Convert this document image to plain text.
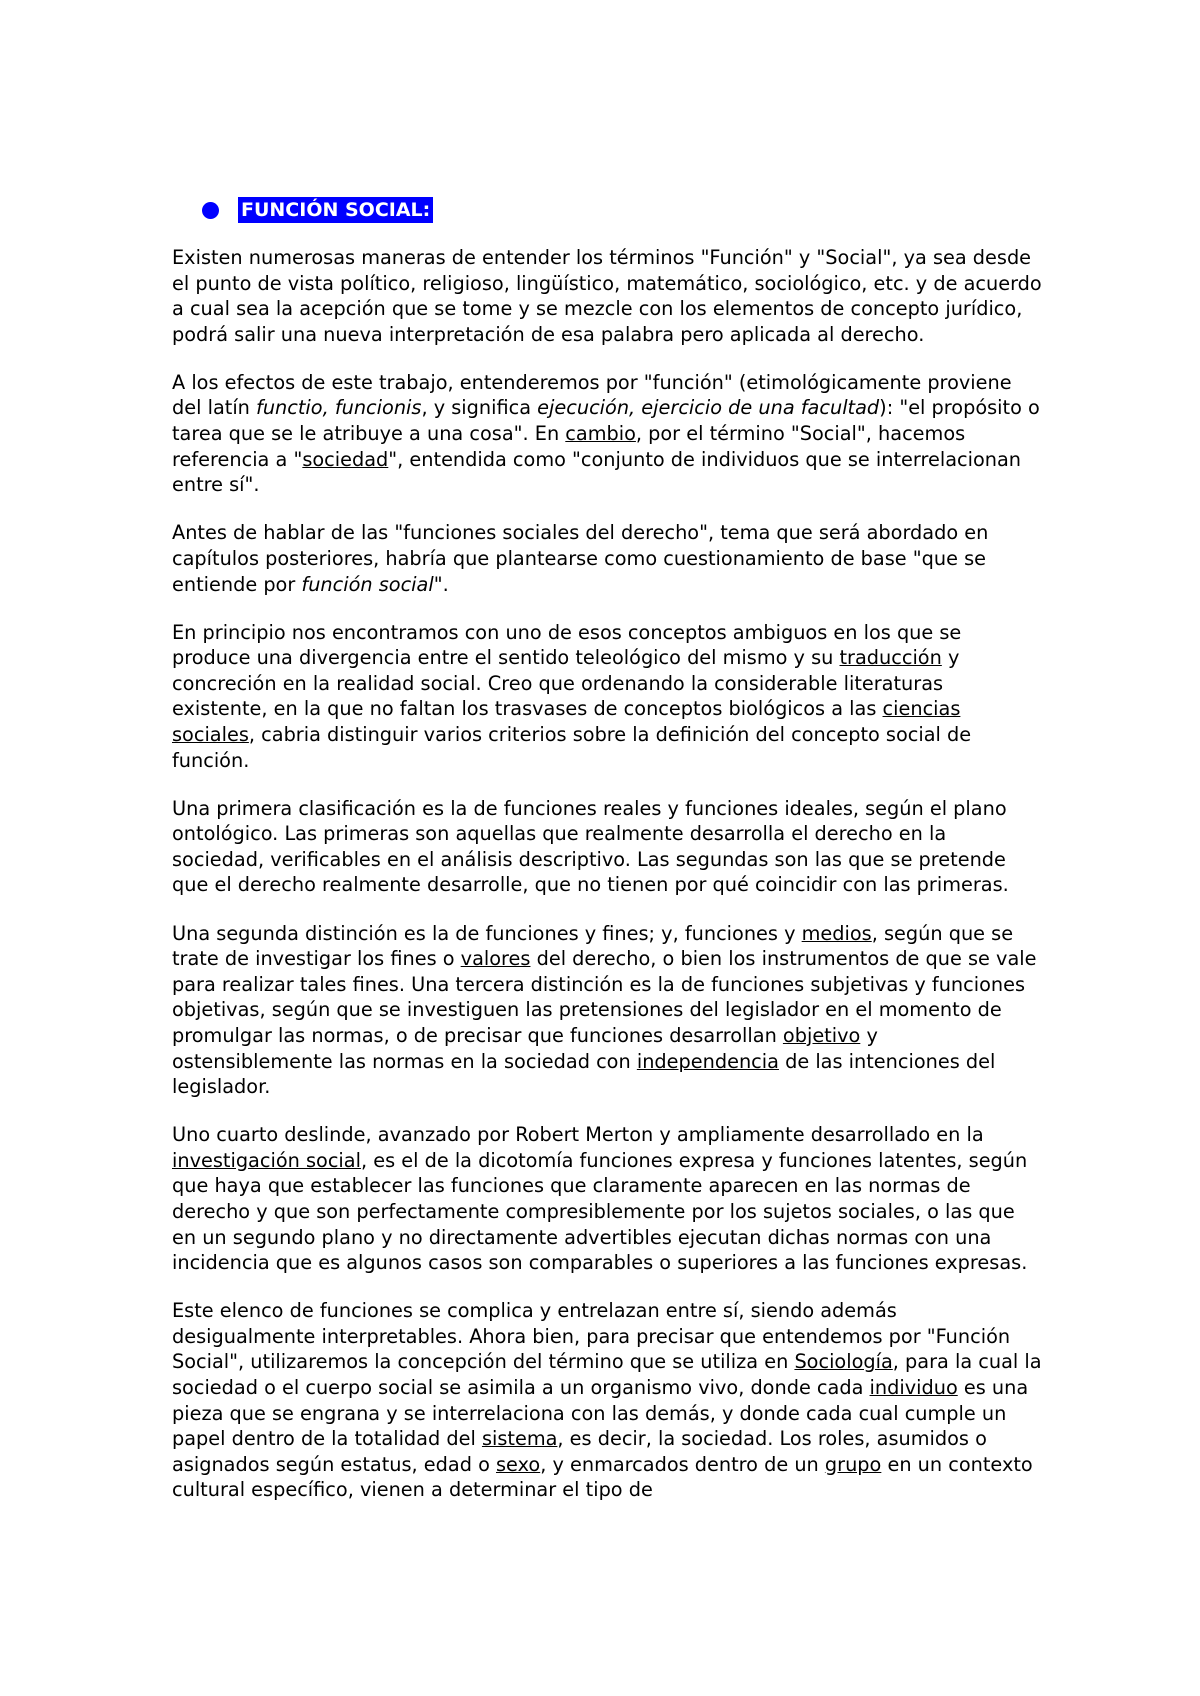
FUNCIÓN SOCIAL:

Existen numerosas maneras de entender los términos "Función" y "Social", ya sea desde el punto de vista político, religioso, lingüístico, matemático, sociológico, etc. y de acuerdo a cual sea la acepción que se tome y se mezcle con los elementos de concepto jurídico, podrá salir una nueva interpretación de esa palabra pero aplicada al derecho.

A los efectos de este trabajo, entenderemos por "función" (etimológicamente proviene del latín functio, funcionis, y significa ejecución, ejercicio de una facultad): "el propósito o tarea que se le atribuye a una cosa". En cambio, por el término "Social", hacemos referencia a "sociedad", entendida como "conjunto de individuos que se interrelacionan entre sí".

Antes de hablar de las "funciones sociales del derecho", tema que será abordado en capítulos posteriores, habría que plantearse como cuestionamiento de base "que se entiende por función social".

En principio nos encontramos con uno de esos conceptos ambiguos en los que se produce una divergencia entre el sentido teleológico del mismo y su traducción y concreción en la realidad social. Creo que ordenando la considerable literaturas existente, en la que no faltan los trasvases de conceptos biológicos a las ciencias sociales, cabria distinguir varios criterios sobre la definición del concepto social de función.

Una primera clasificación es la de funciones reales y funciones ideales, según el plano ontológico. Las primeras son aquellas que realmente desarrolla el derecho en la sociedad, verificables en el análisis descriptivo. Las segundas son las que se pretende que el derecho realmente desarrolle, que no tienen por qué coincidir con las primeras.

Una segunda distinción es la de funciones y fines; y, funciones y medios, según que se trate de investigar los fines o valores del derecho, o bien los instrumentos de que se vale para realizar tales fines. Una tercera distinción es la de funciones subjetivas y funciones objetivas, según que se investiguen las pretensiones del legislador en el momento de promulgar las normas, o de precisar que funciones desarrollan objetivo y ostensiblemente las normas en la sociedad con independencia de las intenciones del legislador.

Uno cuarto deslinde, avanzado por Robert Merton y ampliamente desarrollado en la investigación social, es el de la dicotomía funciones expresa y funciones latentes, según que haya que establecer las funciones que claramente aparecen en las normas de derecho y que son perfectamente compresiblemente por los sujetos sociales, o las que en un segundo plano y no directamente advertibles ejecutan dichas normas con una incidencia que es algunos casos son comparables o superiores a las funciones expresas.

Este elenco de funciones se complica y entrelazan entre sí, siendo además desigualmente interpretables. Ahora bien, para precisar que entendemos por "Función Social", utilizaremos la concepción del término que se utiliza en Sociología, para la cual la sociedad o el cuerpo social se asimila a un organismo vivo, donde cada individuo es una pieza que se engrana y se interrelaciona con las demás, y donde cada cual cumple un papel dentro de la totalidad del sistema, es decir, la sociedad. Los roles, asumidos o asignados según estatus, edad o sexo, y enmarcados dentro de un grupo en un contexto cultural específico, vienen a determinar el tipo de
